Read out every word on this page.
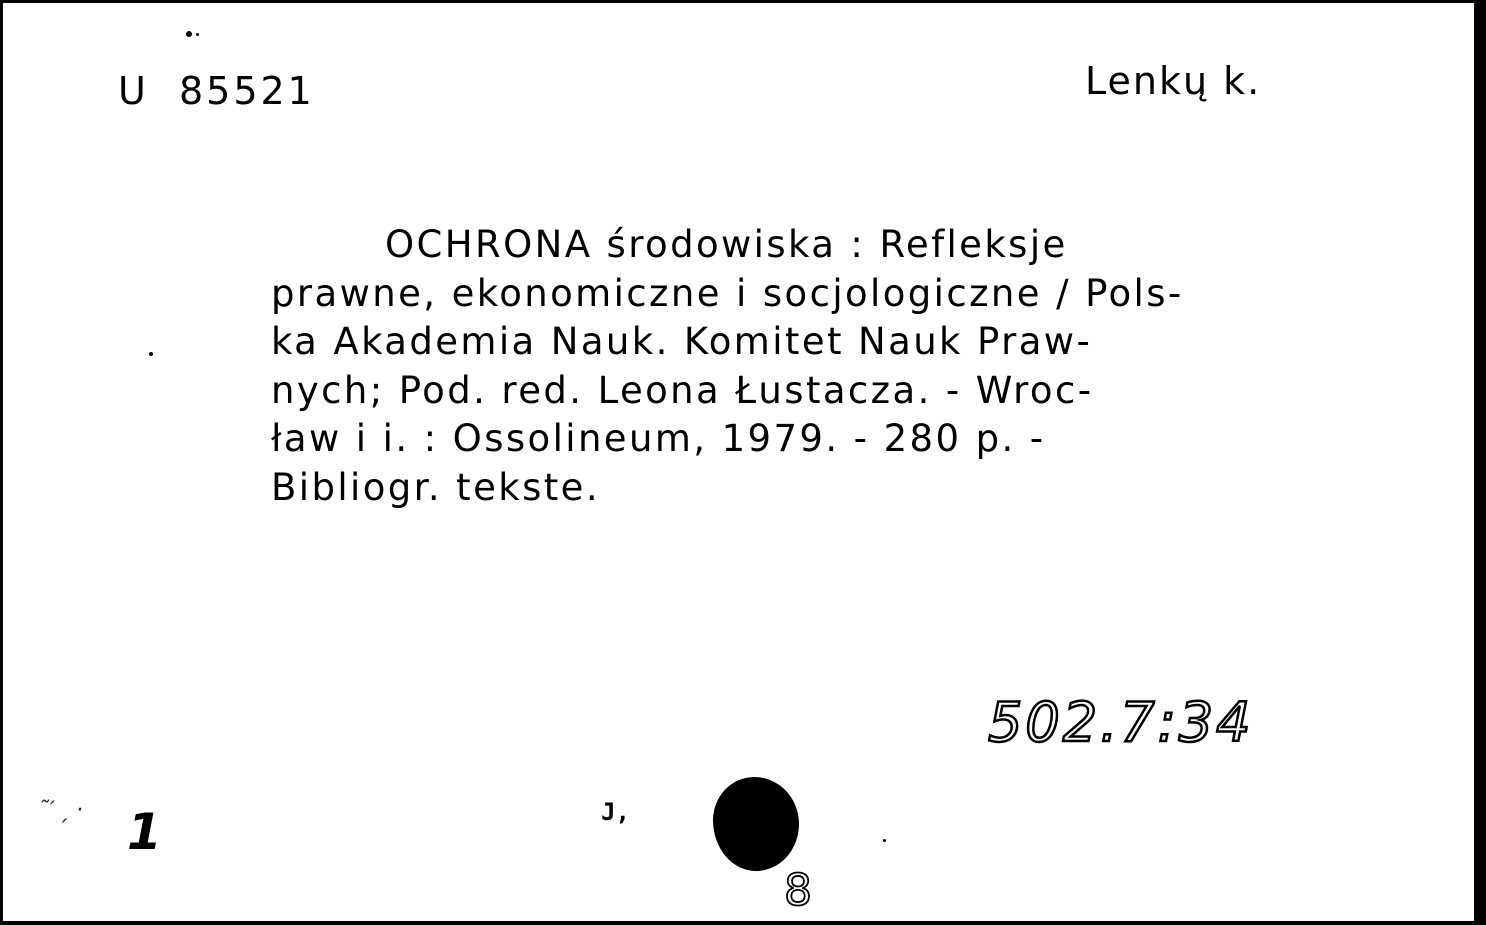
U  85521	Lenkų k.
OCHRONA środowiska : Refleksje
prawne, ekonomiczne i socjologiczne / Pols-
ka Akademia Nauk. Komitet Nauk Praw-
nych; Pod. red. Leona Łustacza. - Wroc-
ław i i. : Ossolineum, 1979. - 280 p. -
Bibliogr. tekste.
502.7:34
˜′ˏ · 1	J,
8
